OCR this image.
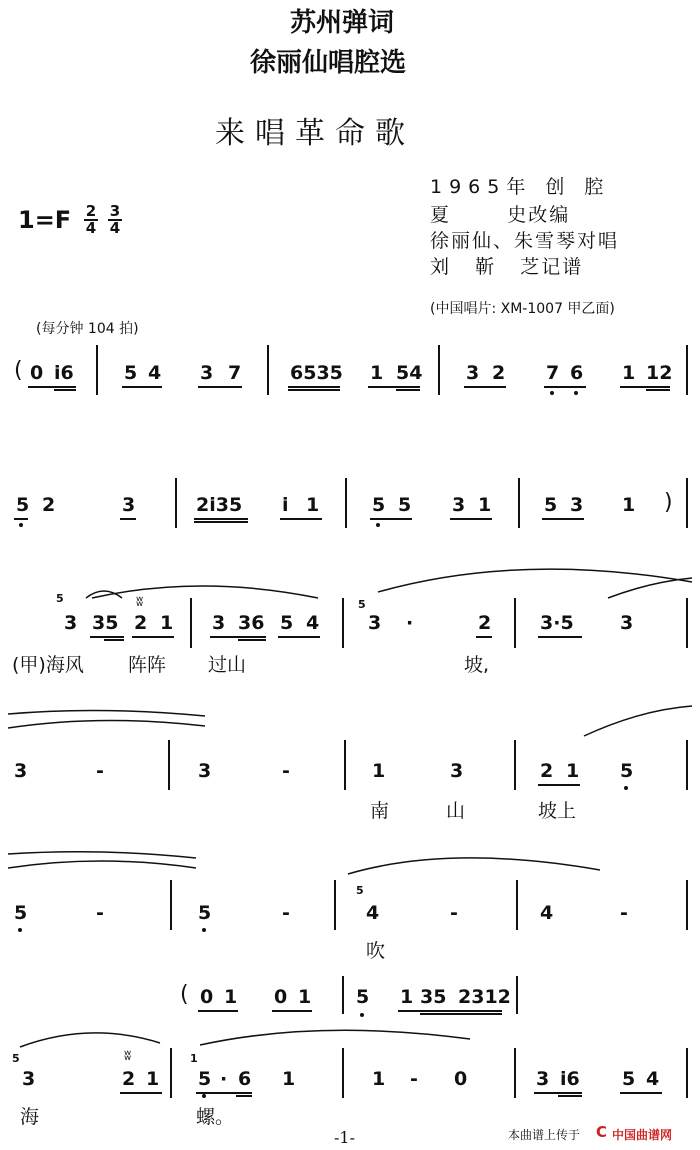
苏州弹词
徐丽仙唱腔选
来唱革命歌
1965年 创 腔
夏       史改编
徐丽仙、朱雪琴对唱
刘   靳   芝记谱
1=F 2
4
3
4
(中国唱片: XM-1007 甲乙面)
(每分钟 104 拍)
( 0 i6	5 4 3 7	6535 1 54 3 2 7 6 1 12
5 2	3	2i35 i 1	5 5 3 1	5 3 1 )
5
3 35
ʬ
2 1 3 36 5 4
5
3 ·	2	3·5 3
(甲)海风 阵阵 过山	坡,
3	-	3	-	1	3	2 1 5
南	山	坡上
5	-	5	-
5
4	-	4	-
吹
( 0 1 0 1 5 1 35 2312
5
3
ʬ
2 1
1
5 · 6 1	1 - 0	3 i6 5 4
海	螺。
-1-	本曲谱上传于 C 中国曲谱网
